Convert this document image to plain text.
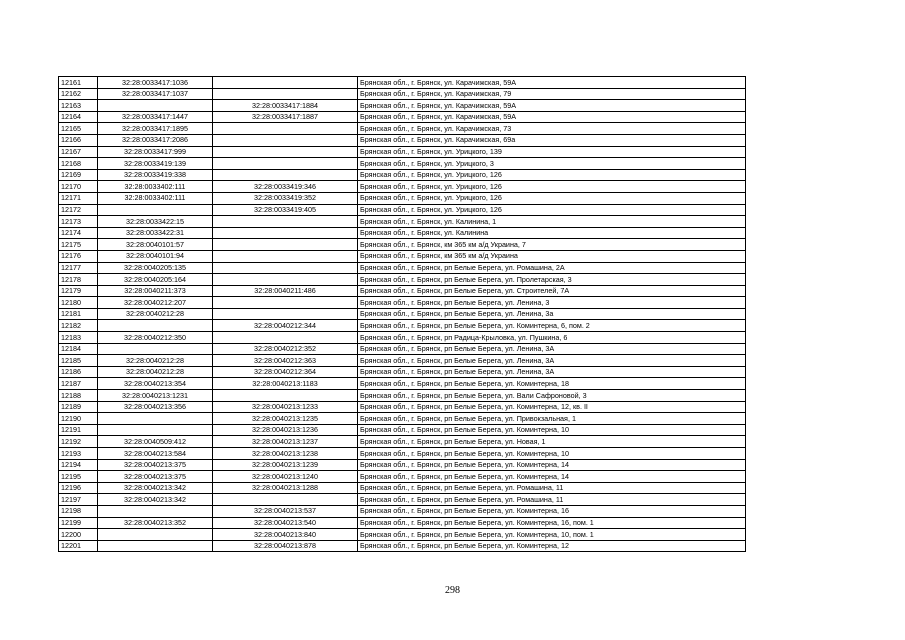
12161	32:28:0033417:1036		Брянская обл., г. Брянск, ул. Карачижская, 59А
12162	32:28:0033417:1037		Брянская обл., г. Брянск, ул. Карачижская, 79
12163		32:28:0033417:1884	Брянская обл., г. Брянск, ул. Карачижская, 59А
12164	32:28:0033417:1447	32:28:0033417:1887	Брянская обл., г. Брянск, ул. Карачижская, 59А
12165	32:28:0033417:1895		Брянская обл., г. Брянск, ул. Карачижская, 73
12166	32:28:0033417:2086		Брянская обл., г. Брянск, ул. Карачижская, 69а
12167	32:28:0033417:999		Брянская обл., г. Брянск, ул. Урицкого, 139
12168	32:28:0033419:139		Брянская обл., г. Брянск, ул. Урицкого, 3
12169	32:28:0033419:338		Брянская обл., г. Брянск, ул. Урицкого, 126
12170	32:28:0033402:111	32:28:0033419:346	Брянская обл., г. Брянск, ул. Урицкого, 126
12171	32:28:0033402:111	32:28:0033419:352	Брянская обл., г. Брянск, ул. Урицкого, 126
12172		32:28:0033419:405	Брянская обл., г. Брянск, ул. Урицкого, 126
12173	32:28:0033422:15		Брянская обл., г. Брянск, ул. Калинина, 1
12174	32:28:0033422:31		Брянская обл., г. Брянск, ул. Калинина
12175	32:28:0040101:57		Брянская обл., г. Брянск, км 365 км а/д Украина, 7
12176	32:28:0040101:94		Брянская обл., г. Брянск, км 365 км а/д Украина
12177	32:28:0040205:135		Брянская обл., г. Брянск, рп Белые Берега, ул. Ромашина, 2А
12178	32:28:0040205:164		Брянская обл., г. Брянск, рп Белые Берега, ул. Пролетарская, 3
12179	32:28:0040211:373	32:28:0040211:486	Брянская обл., г. Брянск, рп Белые Берега, ул. Строителей, 7А
12180	32:28:0040212:207		Брянская обл., г. Брянск, рп Белые Берега, ул. Ленина, 3
12181	32:28:0040212:28		Брянская обл., г. Брянск, рп Белые Берега, ул. Ленина, 3а
12182		32:28:0040212:344	Брянская обл., г. Брянск, рп Белые Берега, ул. Коминтерна, 6, пом. 2
12183	32:28:0040212:350		Брянская обл., г. Брянск, рп Радица-Крыловка, ул. Пушкина, 6
12184		32:28:0040212:352	Брянская обл., г. Брянск, рп Белые Берега, ул. Ленина, 3А
12185	32:28:0040212:28	32:28:0040212:363	Брянская обл., г. Брянск, рп Белые Берега, ул. Ленина, 3А
12186	32:28:0040212:28	32:28:0040212:364	Брянская обл., г. Брянск, рп Белые Берега, ул. Ленина, 3А
12187	32:28:0040213:354	32:28:0040213:1183	Брянская обл., г. Брянск, рп Белые Берега, ул. Коминтерна, 18
12188	32:28:0040213:1231		Брянская обл., г. Брянск, рп Белые Берега, ул. Вали Сафроновой, 3
12189	32:28:0040213:356	32:28:0040213:1233	Брянская обл., г. Брянск, рп Белые Берега, ул. Коминтерна, 12, кв. II
12190		32:28:0040213:1235	Брянская обл., г. Брянск, рп Белые Берега, ул. Привокзальная, 1
12191		32:28:0040213:1236	Брянская обл., г. Брянск, рп Белые Берега, ул. Коминтерна, 10
12192	32:28:0040509:412	32:28:0040213:1237	Брянская обл., г. Брянск, рп Белые Берега, ул. Новая, 1
12193	32:28:0040213:584	32:28:0040213:1238	Брянская обл., г. Брянск, рп Белые Берега, ул. Коминтерна, 10
12194	32:28:0040213:375	32:28:0040213:1239	Брянская обл., г. Брянск, рп Белые Берега, ул. Коминтерна, 14
12195	32:28:0040213:375	32:28:0040213:1240	Брянская обл., г. Брянск, рп Белые Берега, ул. Коминтерна, 14
12196	32:28:0040213:342	32:28:0040213:1288	Брянская обл., г. Брянск, рп Белые Берега, ул. Ромашина, 11
12197	32:28:0040213:342		Брянская обл., г. Брянск, рп Белые Берега, ул. Ромашина, 11
12198		32:28:0040213:537	Брянская обл., г. Брянск, рп Белые Берега, ул. Коминтерна, 16
12199	32:28:0040213:352	32:28:0040213:540	Брянская обл., г. Брянск, рп Белые Берега, ул. Коминтерна, 16, пом. 1
12200		32:28:0040213:840	Брянская обл., г. Брянск, рп Белые Берега, ул. Коминтерна, 10, пом. 1
12201		32:28:0040213:878	Брянская обл., г. Брянск, рп Белые Берега, ул. Коминтерна, 12
298
